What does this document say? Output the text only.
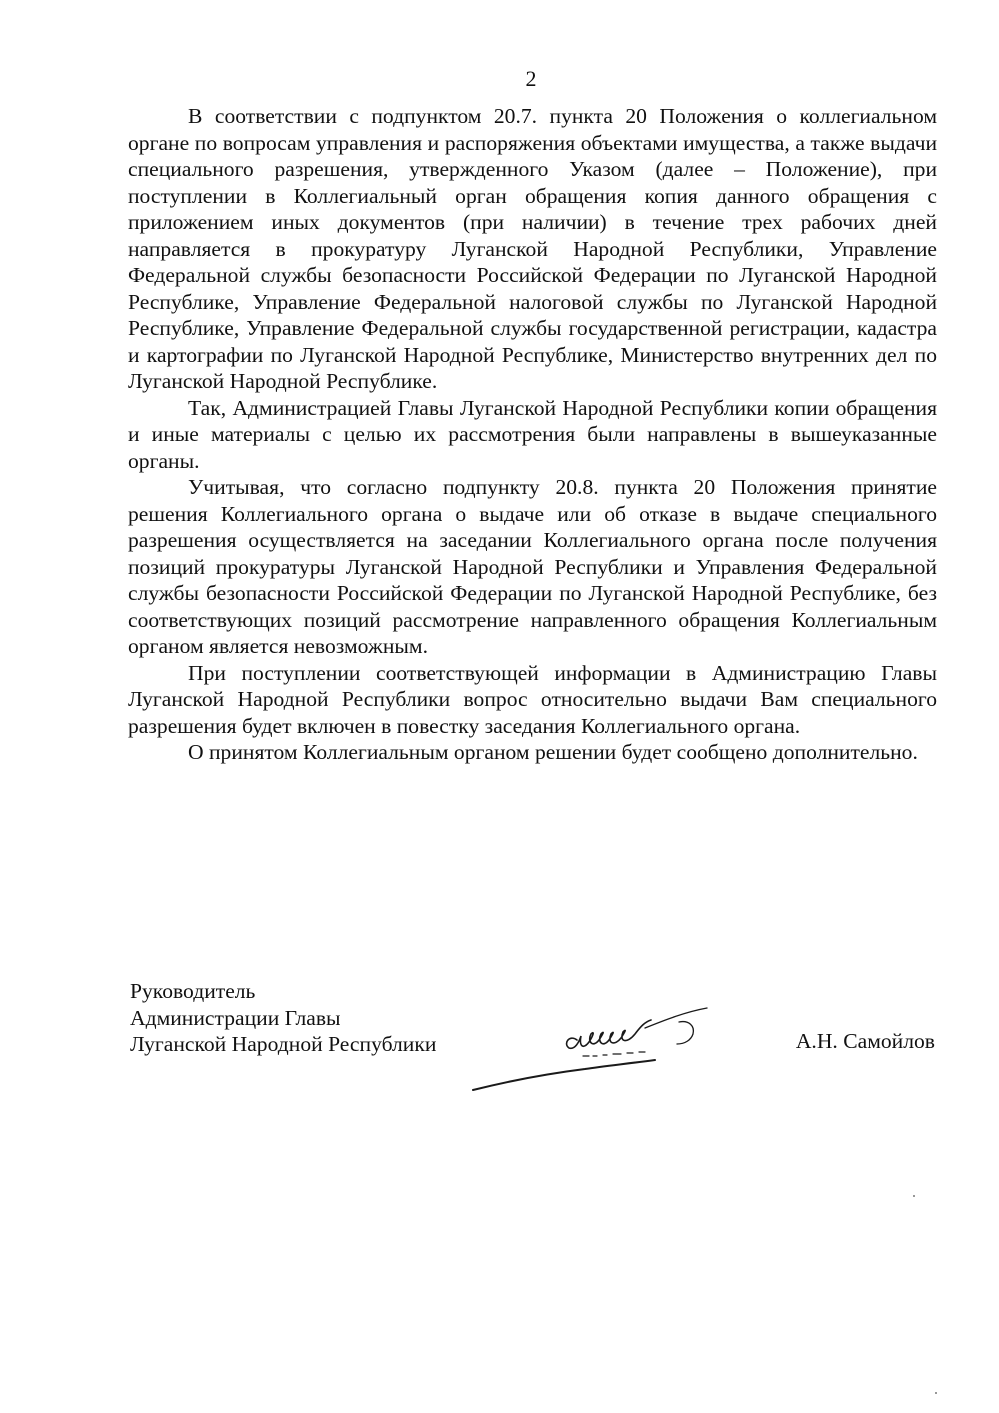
2

В соответствии с подпунктом 20.7. пункта 20 Положения о коллегиальном органе по вопросам управления и распоряжения объектами имущества, а также выдачи специального разрешения, утвержденного Указом (далее – Положение), при поступлении в Коллегиальный орган обращения копия данного обращения с приложением иных документов (при наличии) в течение трех рабочих дней направляется в прокуратуру Луганской Народной Республики, Управление Федеральной службы безопасности Российской Федерации по Луганской Народной Республике, Управление Федеральной налоговой службы по Луганской Народной Республике, Управление Федеральной службы государственной регистрации, кадастра и картографии по Луганской Народной Республике, Министерство внутренних дел по Луганской Народной Республике.

Так, Администрацией Главы Луганской Народной Республики копии обращения и иные материалы с целью их рассмотрения были направлены в вышеуказанные органы.

Учитывая, что согласно подпункту 20.8. пункта 20 Положения принятие решения Коллегиального органа о выдаче или об отказе в выдаче специального разрешения осуществляется на заседании Коллегиального органа после получения позиций прокуратуры Луганской Народной Республики и Управления Федеральной службы безопасности Российской Федерации по Луганской Народной Республике, без соответствующих позиций рассмотрение направленного обращения Коллегиальным органом является невозможным.

При поступлении соответствующей информации в Администрацию Главы Луганской Народной Республики вопрос относительно выдачи Вам специального разрешения будет включен в повестку заседания Коллегиального органа.

О принятом Коллегиальным органом решении будет сообщено дополнительно.

Руководитель
Администрации Главы
Луганской Народной Республики	А.Н. Самойлов
